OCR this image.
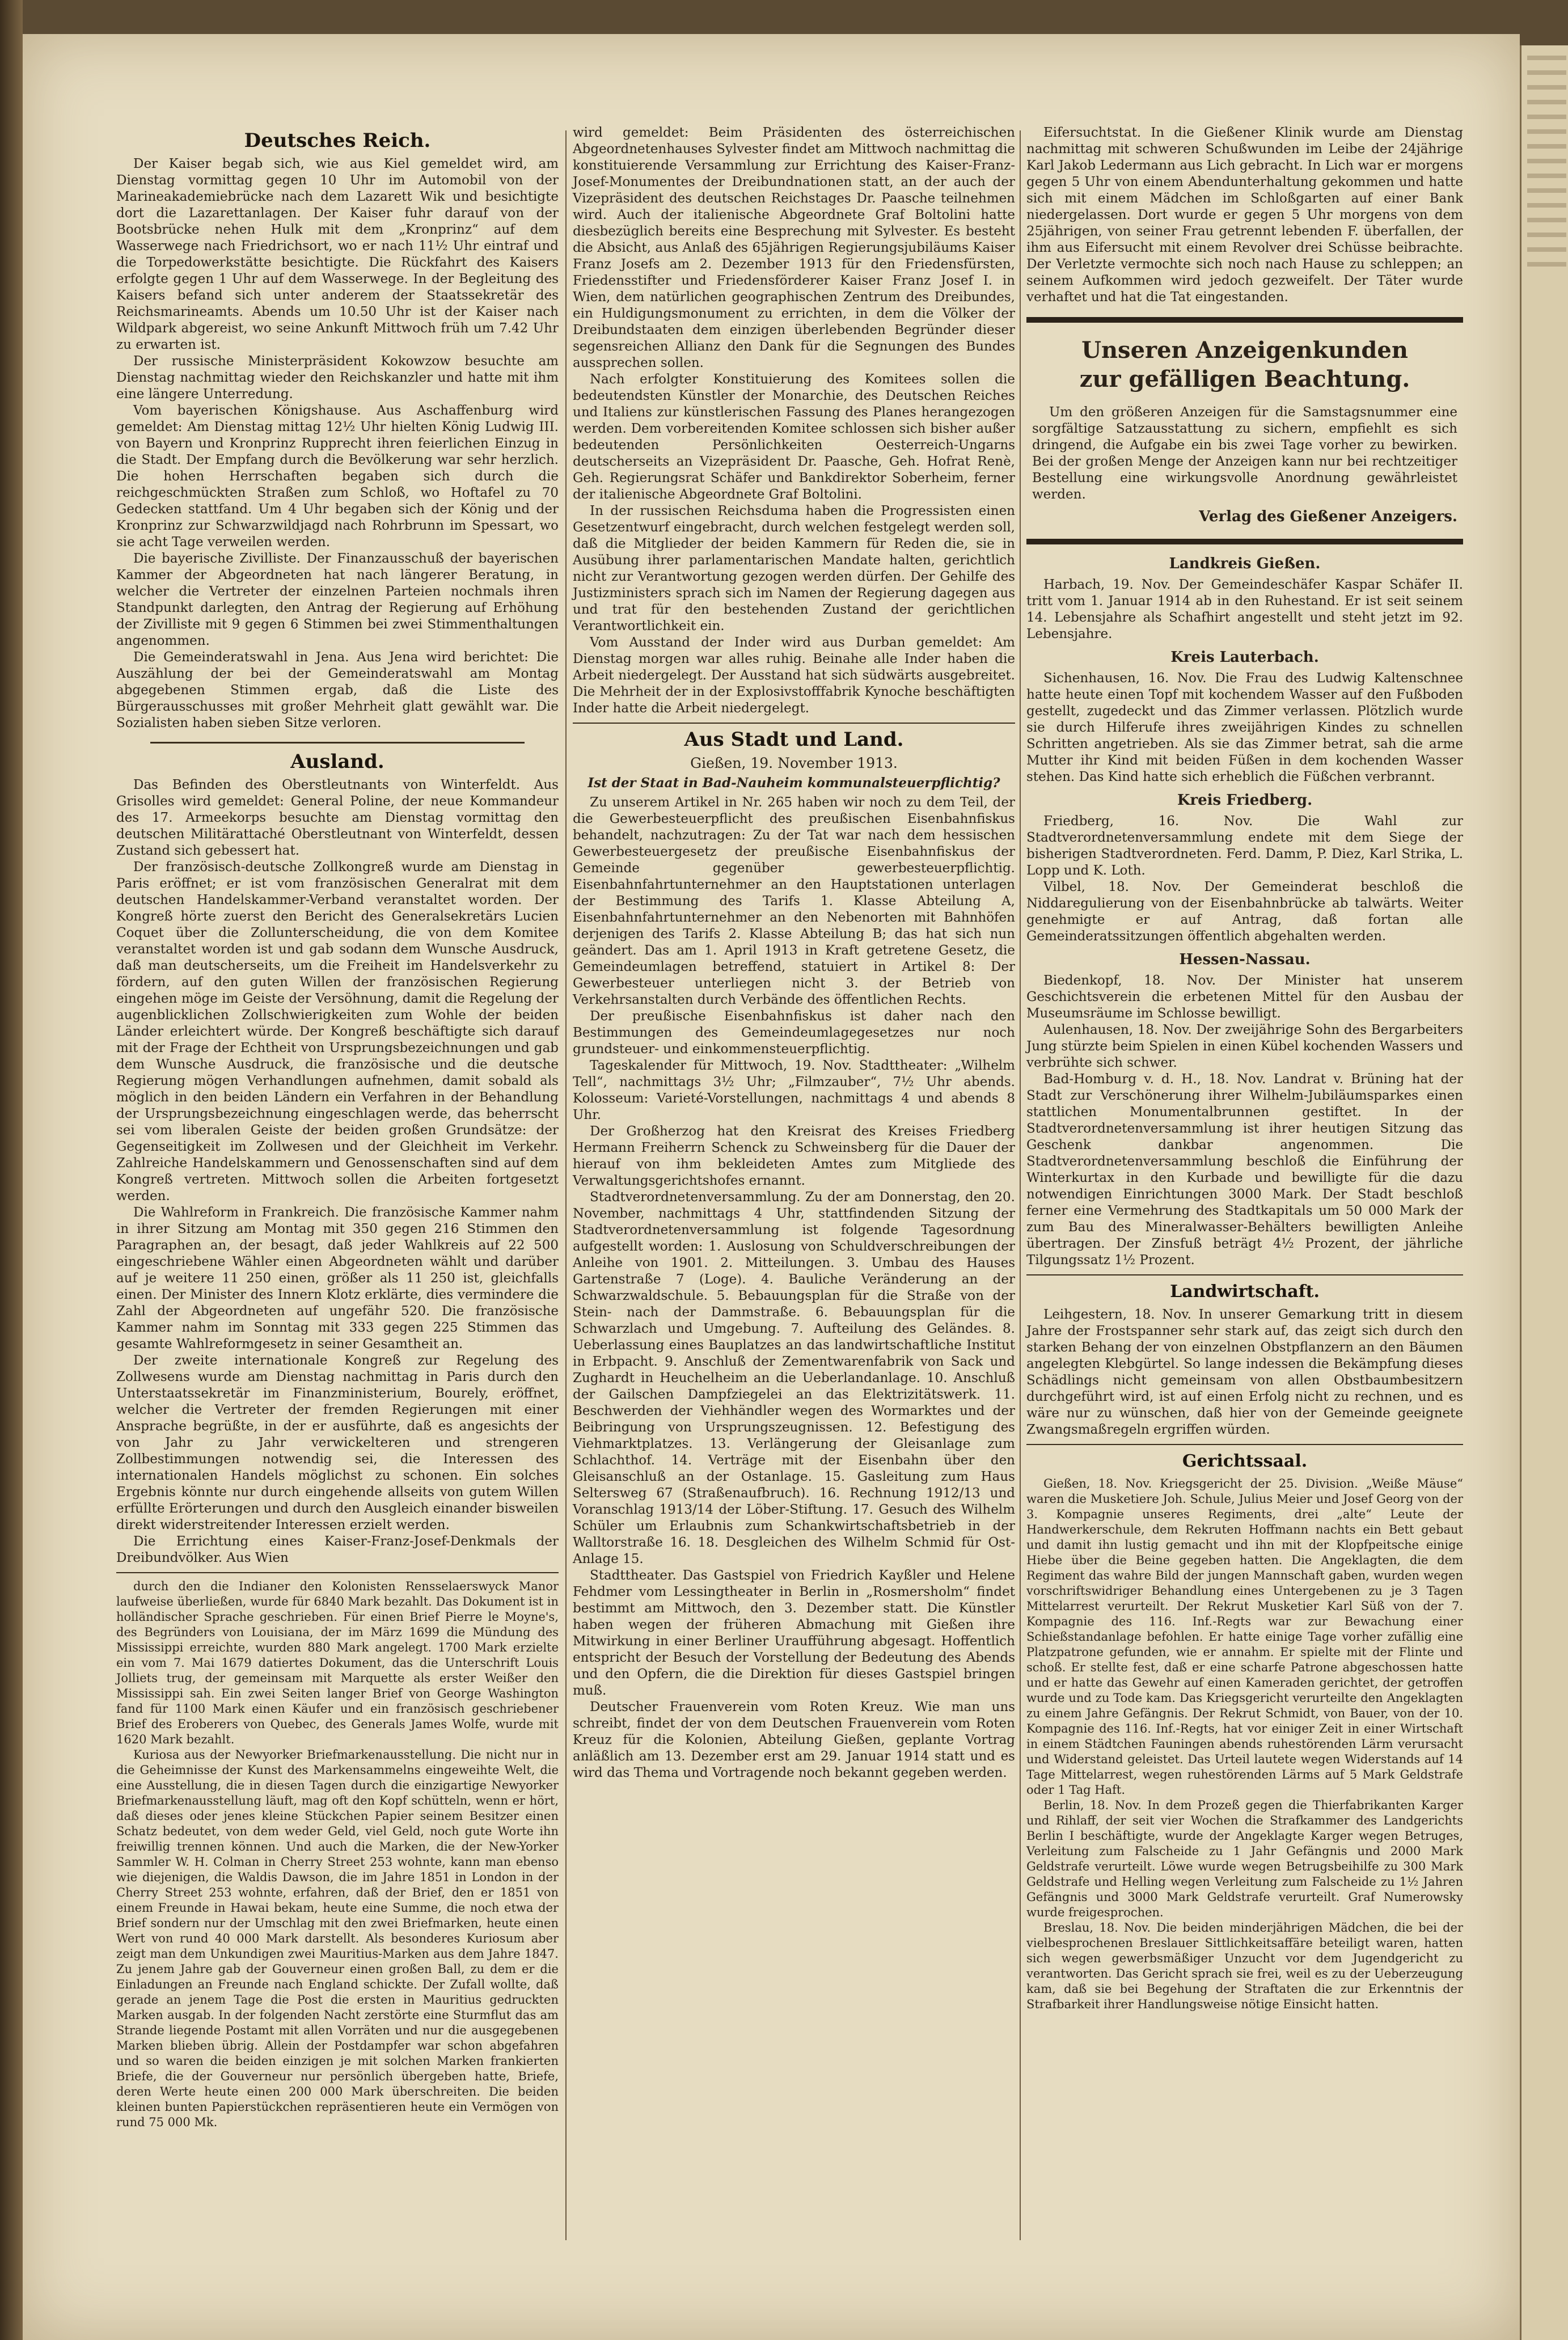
Deutsches Reich.

Der Kaiser begab sich, wie aus Kiel gemeldet wird, am Dienstag vormittag gegen 10 Uhr im Automobil von der Marineakademiebrücke nach dem Lazarett Wik und besichtigte dort die Lazarettanlagen. Der Kaiser fuhr darauf von der Bootsbrücke nehen Hulk mit dem „Kronprinz“ auf dem Wasserwege nach Friedrichsort, wo er nach 11½ Uhr eintraf und die Torpedowerkstätte besichtigte. Die Rückfahrt des Kaisers erfolgte gegen 1 Uhr auf dem Wasserwege. In der Begleitung des Kaisers befand sich unter anderem der Staatssekretär des Reichsmarineamts. Abends um 10.50 Uhr ist der Kaiser nach Wildpark abgereist, wo seine Ankunft Mittwoch früh um 7.42 Uhr zu erwarten ist.

Der russische Ministerpräsident Kokowzow besuchte am Dienstag nachmittag wieder den Reichskanzler und hatte mit ihm eine längere Unterredung.

Vom bayerischen Königshause. Aus Aschaffenburg wird gemeldet: Am Dienstag mittag 12½ Uhr hielten König Ludwig III. von Bayern und Kronprinz Rupprecht ihren feierlichen Einzug in die Stadt. Der Empfang durch die Bevölkerung war sehr herzlich. Die hohen Herrschaften begaben sich durch die reichgeschmückten Straßen zum Schloß, wo Hoftafel zu 70 Gedecken stattfand. Um 4 Uhr begaben sich der König und der Kronprinz zur Schwarzwildjagd nach Rohrbrunn im Spessart, wo sie acht Tage verweilen werden.

Die bayerische Zivilliste. Der Finanzausschuß der bayerischen Kammer der Abgeordneten hat nach längerer Beratung, in welcher die Vertreter der einzelnen Parteien nochmals ihren Standpunkt darlegten, den Antrag der Regierung auf Erhöhung der Zivilliste mit 9 gegen 6 Stimmen bei zwei Stimmenthaltungen angenommen.

Die Gemeinderatswahl in Jena. Aus Jena wird berichtet: Die Auszählung der bei der Gemeinderatswahl am Montag abgegebenen Stimmen ergab, daß die Liste des Bürgerausschusses mit großer Mehrheit glatt gewählt war. Die Sozialisten haben sieben Sitze verloren.

Ausland.

Das Befinden des Oberstleutnants von Winterfeldt. Aus Grisolles wird gemeldet: General Poline, der neue Kommandeur des 17. Armeekorps besuchte am Dienstag vormittag den deutschen Militärattaché Oberstleutnant von Winterfeldt, dessen Zustand sich gebessert hat.

Der französisch-deutsche Zollkongreß wurde am Dienstag in Paris eröffnet; er ist vom französischen Generalrat mit dem deutschen Handelskammer-Verband veranstaltet worden. Der Kongreß hörte zuerst den Bericht des Generalsekretärs Lucien Coquet über die Zollunterscheidung, die von dem Komitee veranstaltet worden ist und gab sodann dem Wunsche Ausdruck, daß man deutscherseits, um die Freiheit im Handelsverkehr zu fördern, auf den guten Willen der französischen Regierung eingehen möge im Geiste der Versöhnung, damit die Regelung der augenblicklichen Zollschwierigkeiten zum Wohle der beiden Länder erleichtert würde. Der Kongreß beschäftigte sich darauf mit der Frage der Echtheit von Ursprungsbezeichnungen und gab dem Wunsche Ausdruck, die französische und die deutsche Regierung mögen Verhandlungen aufnehmen, damit sobald als möglich in den beiden Ländern ein Verfahren in der Behandlung der Ursprungsbezeichnung eingeschlagen werde, das beherrscht sei vom liberalen Geiste der beiden großen Grundsätze: der Gegenseitigkeit im Zollwesen und der Gleichheit im Verkehr. Zahlreiche Handelskammern und Genossenschaften sind auf dem Kongreß vertreten. Mittwoch sollen die Arbeiten fortgesetzt werden.

Die Wahlreform in Frankreich. Die französische Kammer nahm in ihrer Sitzung am Montag mit 350 gegen 216 Stimmen den Paragraphen an, der besagt, daß jeder Wahlkreis auf 22 500 eingeschriebene Wähler einen Abgeordneten wählt und darüber auf je weitere 11 250 einen, größer als 11 250 ist, gleichfalls einen. Der Minister des Innern Klotz erklärte, dies vermindere die Zahl der Abgeordneten auf ungefähr 520. Die französische Kammer nahm im Sonntag mit 333 gegen 225 Stimmen das gesamte Wahlreformgesetz in seiner Gesamtheit an.

Der zweite internationale Kongreß zur Regelung des Zollwesens wurde am Dienstag nachmittag in Paris durch den Unterstaatssekretär im Finanzministerium, Bourely, eröffnet, welcher die Vertreter der fremden Regierungen mit einer Ansprache begrüßte, in der er ausführte, daß es angesichts der von Jahr zu Jahr verwickelteren und strengeren Zollbestimmungen notwendig sei, die Interessen des internationalen Handels möglichst zu schonen. Ein solches Ergebnis könnte nur durch eingehende allseits von gutem Willen erfüllte Erörterungen und durch den Ausgleich einander bisweilen direkt widerstreitender Interessen erzielt werden.

Die Errichtung eines Kaiser-Franz-Josef-Denkmals der Dreibundvölker. Aus Wien

durch den die Indianer den Kolonisten Rensselaerswyck Manor laufweise überließen, wurde für 6840 Mark bezahlt. Das Dokument ist in holländischer Sprache geschrieben. Für einen Brief Pierre le Moyne's, des Begründers von Louisiana, der im März 1699 die Mündung des Mississippi erreichte, wurden 880 Mark angelegt. 1700 Mark erzielte ein vom 7. Mai 1679 datiertes Dokument, das die Unterschrift Louis Jolliets trug, der gemeinsam mit Marquette als erster Weißer den Mississippi sah. Ein zwei Seiten langer Brief von George Washington fand für 1100 Mark einen Käufer und ein französisch geschriebener Brief des Eroberers von Quebec, des Generals James Wolfe, wurde mit 1620 Mark bezahlt.

Kuriosa aus der Newyorker Briefmarkenausstellung. Die nicht nur in die Geheimnisse der Kunst des Markensammelns eingeweihte Welt, die eine Ausstellung, die in diesen Tagen durch die einzigartige Newyorker Briefmarkenausstellung läuft, mag oft den Kopf schütteln, wenn er hört, daß dieses oder jenes kleine Stückchen Papier seinem Besitzer einen Schatz bedeutet, von dem weder Geld, viel Geld, noch gute Worte ihn freiwillig trennen können. Und auch die Marken, die der New-Yorker Sammler W. H. Colman in Cherry Street 253 wohnte, kann man ebenso wie diejenigen, die Waldis Dawson, die im Jahre 1851 in London in der Cherry Street 253 wohnte, erfahren, daß der Brief, den er 1851 von einem Freunde in Hawai bekam, heute eine Summe, die noch etwa der Brief sondern nur der Umschlag mit den zwei Briefmarken, heute einen Wert von rund 40 000 Mark darstellt. Als besonderes Kuriosum aber zeigt man dem Unkundigen zwei Mauritius-Marken aus dem Jahre 1847. Zu jenem Jahre gab der Gouverneur einen großen Ball, zu dem er die Einladungen an Freunde nach England schickte. Der Zufall wollte, daß gerade an jenem Tage die Post die ersten in Mauritius gedruckten Marken ausgab. In der folgenden Nacht zerstörte eine Sturmflut das am Strande liegende Postamt mit allen Vorräten und nur die ausgegebenen Marken blieben übrig. Allein der Postdampfer war schon abgefahren und so waren die beiden einzigen je mit solchen Marken frankierten Briefe, die der Gouverneur nur persönlich übergeben hatte, Briefe, deren Werte heute einen 200 000 Mark überschreiten. Die beiden kleinen bunten Papierstückchen repräsentieren heute ein Vermögen von rund 75 000 Mk.

wird gemeldet: Beim Präsidenten des österreichischen Abgeordnetenhauses Sylvester findet am Mittwoch nachmittag die konstituierende Versammlung zur Errichtung des Kaiser-Franz-Josef-Monumentes der Dreibundnationen statt, an der auch der Vizepräsident des deutschen Reichstages Dr. Paasche teilnehmen wird. Auch der italienische Abgeordnete Graf Boltolini hatte diesbezüglich bereits eine Besprechung mit Sylvester. Es besteht die Absicht, aus Anlaß des 65jährigen Regierungsjubiläums Kaiser Franz Josefs am 2. Dezember 1913 für den Friedensfürsten, Friedensstifter und Friedensförderer Kaiser Franz Josef I. in Wien, dem natürlichen geographischen Zentrum des Dreibundes, ein Huldigungsmonument zu errichten, in dem die Völker der Dreibundstaaten dem einzigen überlebenden Begründer dieser segensreichen Allianz den Dank für die Segnungen des Bundes aussprechen sollen.

Nach erfolgter Konstituierung des Komitees sollen die bedeutendsten Künstler der Monarchie, des Deutschen Reiches und Italiens zur künstlerischen Fassung des Planes herangezogen werden. Dem vorbereitenden Komitee schlossen sich bisher außer bedeutenden Persönlichkeiten Oesterreich-Ungarns deutscherseits an Vizepräsident Dr. Paasche, Geh. Hofrat Renè, Geh. Regierungsrat Schäfer und Bankdirektor Soberheim, ferner der italienische Abgeordnete Graf Boltolini.

In der russischen Reichsduma haben die Progressisten einen Gesetzentwurf eingebracht, durch welchen festgelegt werden soll, daß die Mitglieder der beiden Kammern für Reden die, sie in Ausübung ihrer parlamentarischen Mandate halten, gerichtlich nicht zur Verantwortung gezogen werden dürfen. Der Gehilfe des Justizministers sprach sich im Namen der Regierung dagegen aus und trat für den bestehenden Zustand der gerichtlichen Verantwortlichkeit ein.

Vom Ausstand der Inder wird aus Durban gemeldet: Am Dienstag morgen war alles ruhig. Beinahe alle Inder haben die Arbeit niedergelegt. Der Ausstand hat sich südwärts ausgebreitet. Die Mehrheit der in der Explosivstofffabrik Kynoche beschäftigten Inder hatte die Arbeit niedergelegt.

Aus Stadt und Land.
Gießen, 19. November 1913.
Ist der Staat in Bad-Nauheim kommunalsteuerpflichtig?

Zu unserem Artikel in Nr. 265 haben wir noch zu dem Teil, der die Gewerbesteuerpflicht des preußischen Eisenbahnfiskus behandelt, nachzutragen: Zu der Tat war nach dem hessischen Gewerbesteuergesetz der preußische Eisenbahnfiskus der Gemeinde gegenüber gewerbesteuerpflichtig. Eisenbahnfahrtunternehmer an den Hauptstationen unterlagen der Bestimmung des Tarifs 1. Klasse Abteilung A, Eisenbahnfahrtunternehmer an den Nebenorten mit Bahnhöfen derjenigen des Tarifs 2. Klasse Abteilung B; das hat sich nun geändert. Das am 1. April 1913 in Kraft getretene Gesetz, die Gemeindeumlagen betreffend, statuiert in Artikel 8: Der Gewerbesteuer unterliegen nicht 3. der Betrieb von Verkehrsanstalten durch Verbände des öffentlichen Rechts.

Der preußische Eisenbahnfiskus ist daher nach den Bestimmungen des Gemeindeumlagegesetzes nur noch grundsteuer- und einkommensteuerpflichtig.

Tageskalender für Mittwoch, 19. Nov. Stadttheater: „Wilhelm Tell“, nachmittags 3½ Uhr; „Filmzauber“, 7½ Uhr abends. Kolosseum: Varieté-Vorstellungen, nachmittags 4 und abends 8 Uhr.

Der Großherzog hat den Kreisrat des Kreises Friedberg Hermann Freiherrn Schenck zu Schweinsberg für die Dauer der hierauf von ihm bekleideten Amtes zum Mitgliede des Verwaltungsgerichtshofes ernannt.

Stadtverordnetenversammlung. Zu der am Donnerstag, den 20. November, nachmittags 4 Uhr, stattfindenden Sitzung der Stadtverordnetenversammlung ist folgende Tagesordnung aufgestellt worden: 1. Auslosung von Schuldverschreibungen der Anleihe von 1901. 2. Mitteilungen. 3. Umbau des Hauses Gartenstraße 7 (Loge). 4. Bauliche Veränderung an der Schwarzwaldschule. 5. Bebauungsplan für die Straße von der Stein- nach der Dammstraße. 6. Bebauungsplan für die Schwarzlach und Umgebung. 7. Aufteilung des Geländes. 8. Ueberlassung eines Bauplatzes an das landwirtschaftliche Institut in Erbpacht. 9. Anschluß der Zementwarenfabrik von Sack und Zughardt in Heuchelheim an die Ueberlandanlage. 10. Anschluß der Gailschen Dampfziegelei an das Elektrizitätswerk. 11. Beschwerden der Viehhändler wegen des Wormarktes und der Beibringung von Ursprungszeugnissen. 12. Befestigung des Viehmarktplatzes. 13. Verlängerung der Gleisanlage zum Schlachthof. 14. Verträge mit der Eisenbahn über den Gleisanschluß an der Ostanlage. 15. Gasleitung zum Haus Seltersweg 67 (Straßenaufbruch). 16. Rechnung 1912/13 und Voranschlag 1913/14 der Löber-Stiftung. 17. Gesuch des Wilhelm Schüler um Erlaubnis zum Schankwirtschaftsbetrieb in der Walltorstraße 16. 18. Desgleichen des Wilhelm Schmid für Ost-Anlage 15.

Stadttheater. Das Gastspiel von Friedrich Kayßler und Helene Fehdmer vom Lessingtheater in Berlin in „Rosmersholm“ findet bestimmt am Mittwoch, den 3. Dezember statt. Die Künstler haben wegen der früheren Abmachung mit Gießen ihre Mitwirkung in einer Berliner Uraufführung abgesagt. Hoffentlich entspricht der Besuch der Vorstellung der Bedeutung des Abends und den Opfern, die die Direktion für dieses Gastspiel bringen muß.

Deutscher Frauenverein vom Roten Kreuz. Wie man uns schreibt, findet der von dem Deutschen Frauenverein vom Roten Kreuz für die Kolonien, Abteilung Gießen, geplante Vortrag anläßlich am 13. Dezember erst am 29. Januar 1914 statt und es wird das Thema und Vortragende noch bekannt gegeben werden.

Eifersuchtstat. In die Gießener Klinik wurde am Dienstag nachmittag mit schweren Schußwunden im Leibe der 24jährige Karl Jakob Ledermann aus Lich gebracht. In Lich war er morgens gegen 5 Uhr von einem Abendunterhaltung gekommen und hatte sich mit einem Mädchen im Schloßgarten auf einer Bank niedergelassen. Dort wurde er gegen 5 Uhr morgens von dem 25jährigen, von seiner Frau getrennt lebenden F. überfallen, der ihm aus Eifersucht mit einem Revolver drei Schüsse beibrachte. Der Verletzte vermochte sich noch nach Hause zu schleppen; an seinem Aufkommen wird jedoch gezweifelt. Der Täter wurde verhaftet und hat die Tat eingestanden.

Unseren Anzeigenkunden
zur gefälligen Beachtung.

Um den größeren Anzeigen für die Samstagsnummer eine sorgfältige Satzausstattung zu sichern, empfiehlt es sich dringend, die Aufgabe ein bis zwei Tage vorher zu bewirken. Bei der großen Menge der Anzeigen kann nur bei rechtzeitiger Bestellung eine wirkungsvolle Anordnung gewährleistet werden.

Verlag des Gießener Anzeigers.
Landkreis Gießen.

Harbach, 19. Nov. Der Gemeindeschäfer Kaspar Schäfer II. tritt vom 1. Januar 1914 ab in den Ruhestand. Er ist seit seinem 14. Lebensjahre als Schafhirt angestellt und steht jetzt im 92. Lebensjahre.

Kreis Lauterbach.

Sichenhausen, 16. Nov. Die Frau des Ludwig Kaltenschnee hatte heute einen Topf mit kochendem Wasser auf den Fußboden gestellt, zugedeckt und das Zimmer verlassen. Plötzlich wurde sie durch Hilferufe ihres zweijährigen Kindes zu schnellen Schritten angetrieben. Als sie das Zimmer betrat, sah die arme Mutter ihr Kind mit beiden Füßen in dem kochenden Wasser stehen. Das Kind hatte sich erheblich die Füßchen verbrannt.

Kreis Friedberg.

Friedberg, 16. Nov. Die Wahl zur Stadtverordnetenversammlung endete mit dem Siege der bisherigen Stadtverordneten. Ferd. Damm, P. Diez, Karl Strika, L. Lopp und K. Loth.

Vilbel, 18. Nov. Der Gemeinderat beschloß die Niddaregulierung von der Eisenbahnbrücke ab talwärts. Weiter genehmigte er auf Antrag, daß fortan alle Gemeinderatssitzungen öffentlich abgehalten werden.

Hessen-Nassau.

Biedenkopf, 18. Nov. Der Minister hat unserem Geschichtsverein die erbetenen Mittel für den Ausbau der Museumsräume im Schlosse bewilligt.

Aulenhausen, 18. Nov. Der zweijährige Sohn des Bergarbeiters Jung stürzte beim Spielen in einen Kübel kochenden Wassers und verbrühte sich schwer.

Bad-Homburg v. d. H., 18. Nov. Landrat v. Brüning hat der Stadt zur Verschönerung ihrer Wilhelm-Jubiläumsparkes einen stattlichen Monumentalbrunnen gestiftet. In der Stadtverordnetenversammlung ist ihrer heutigen Sitzung das Geschenk dankbar angenommen. Die Stadtverordnetenversammlung beschloß die Einführung der Winterkurtax in den Kurbade und bewilligte für die dazu notwendigen Einrichtungen 3000 Mark. Der Stadt beschloß ferner eine Vermehrung des Stadtkapitals um 50 000 Mark der zum Bau des Mineralwasser-Behälters bewilligten Anleihe übertragen. Der Zinsfuß beträgt 4½ Prozent, der jährliche Tilgungssatz 1½ Prozent.

Landwirtschaft.

Leihgestern, 18. Nov. In unserer Gemarkung tritt in diesem Jahre der Frostspanner sehr stark auf, das zeigt sich durch den starken Behang der von einzelnen Obstpflanzern an den Bäumen angelegten Klebgürtel. So lange indessen die Bekämpfung dieses Schädlings nicht gemeinsam von allen Obstbaumbesitzern durchgeführt wird, ist auf einen Erfolg nicht zu rechnen, und es wäre nur zu wünschen, daß hier von der Gemeinde geeignete Zwangsmaßregeln ergriffen würden.

Gerichtssaal.

Gießen, 18. Nov. Kriegsgericht der 25. Division. „Weiße Mäuse“ waren die Musketiere Joh. Schule, Julius Meier und Josef Georg von der 3. Kompagnie unseres Regiments, drei „alte“ Leute der Handwerkerschule, dem Rekruten Hoffmann nachts ein Bett gebaut und damit ihn lustig gemacht und ihn mit der Klopfpeitsche einige Hiebe über die Beine gegeben hatten. Die Angeklagten, die dem Regiment das wahre Bild der jungen Mannschaft gaben, wurden wegen vorschriftswidriger Behandlung eines Untergebenen zu je 3 Tagen Mittelarrest verurteilt. Der Rekrut Musketier Karl Süß von der 7. Kompagnie des 116. Inf.-Regts war zur Bewachung einer Schießstandanlage befohlen. Er hatte einige Tage vorher zufällig eine Platzpatrone gefunden, wie er annahm. Er spielte mit der Flinte und schoß. Er stellte fest, daß er eine scharfe Patrone abgeschossen hatte und er hatte das Gewehr auf einen Kameraden gerichtet, der getroffen wurde und zu Tode kam. Das Kriegsgericht verurteilte den Angeklagten zu einem Jahre Gefängnis. Der Rekrut Schmidt, von Bauer, von der 10. Kompagnie des 116. Inf.-Regts, hat vor einiger Zeit in einer Wirtschaft in einem Städtchen Fauningen abends ruhestörenden Lärm verursacht und Widerstand geleistet. Das Urteil lautete wegen Widerstands auf 14 Tage Mittelarrest, wegen ruhestörenden Lärms auf 5 Mark Geldstrafe oder 1 Tag Haft.

Berlin, 18. Nov. In dem Prozeß gegen die Thierfabrikanten Karger und Rihlaff, der seit vier Wochen die Strafkammer des Landgerichts Berlin I beschäftigte, wurde der Angeklagte Karger wegen Betruges, Verleitung zum Falscheide zu 1 Jahr Gefängnis und 2000 Mark Geldstrafe verurteilt. Löwe wurde wegen Betrugsbeihilfe zu 300 Mark Geldstrafe und Helling wegen Verleitung zum Falscheide zu 1½ Jahren Gefängnis und 3000 Mark Geldstrafe verurteilt. Graf Numerowsky wurde freigesprochen.

Breslau, 18. Nov. Die beiden minderjährigen Mädchen, die bei der vielbesprochenen Breslauer Sittlichkeitsaffäre beteiligt waren, hatten sich wegen gewerbsmäßiger Unzucht vor dem Jugendgericht zu verantworten. Das Gericht sprach sie frei, weil es zu der Ueberzeugung kam, daß sie bei Begehung der Straftaten die zur Erkenntnis der Strafbarkeit ihrer Handlungsweise nötige Einsicht hatten.
